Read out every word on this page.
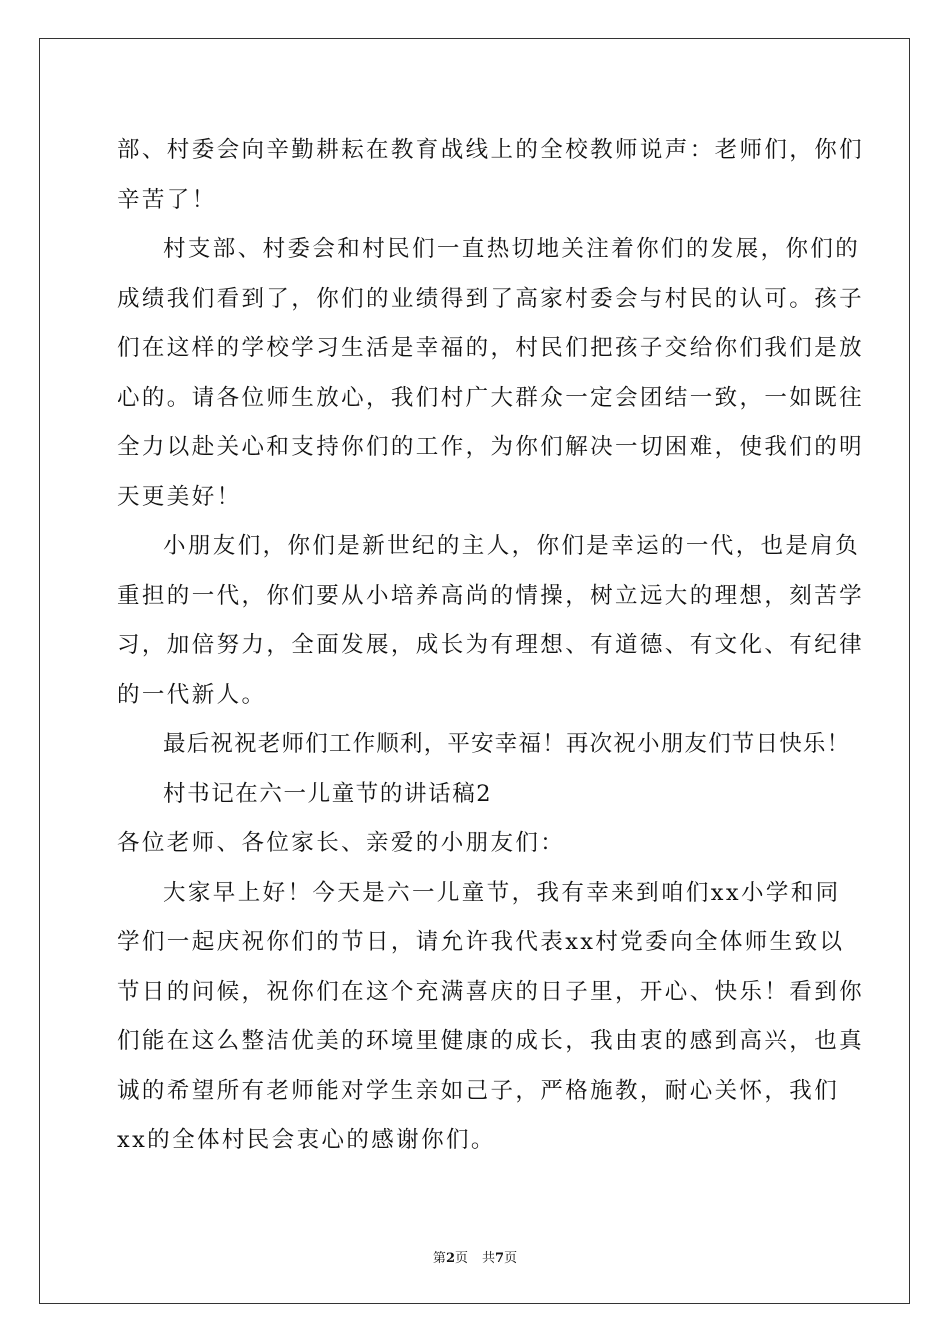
部、村委会向辛勤耕耘在教育战线上的全校教师说声：老师们，你们
辛苦了！
村支部、村委会和村民们一直热切地关注着你们的发展，你们的
成绩我们看到了，你们的业绩得到了高家村委会与村民的认可。孩子
们在这样的学校学习生活是幸福的，村民们把孩子交给你们我们是放
心的。请各位师生放心，我们村广大群众一定会团结一致，一如既往
全力以赴关心和支持你们的工作，为你们解决一切困难，使我们的明
天更美好！
小朋友们，你们是新世纪的主人，你们是幸运的一代，也是肩负
重担的一代，你们要从小培养高尚的情操，树立远大的理想，刻苦学
习，加倍努力，全面发展，成长为有理想、有道德、有文化、有纪律
的一代新人。
最后祝祝老师们工作顺利，平安幸福！再次祝小朋友们节日快乐！
村书记在六一儿童节的讲话稿2
各位老师、各位家长、亲爱的小朋友们：
大家早上好！今天是六一儿童节，我有幸来到咱们xx小学和同
学们一起庆祝你们的节日，请允许我代表xx村党委向全体师生致以
节日的问候，祝你们在这个充满喜庆的日子里，开心、快乐！看到你
们能在这么整洁优美的环境里健康的成长，我由衷的感到高兴，也真
诚的希望所有老师能对学生亲如己子，严格施教，耐心关怀，我们
xx的全体村民会衷心的感谢你们。
第2页 共7页
